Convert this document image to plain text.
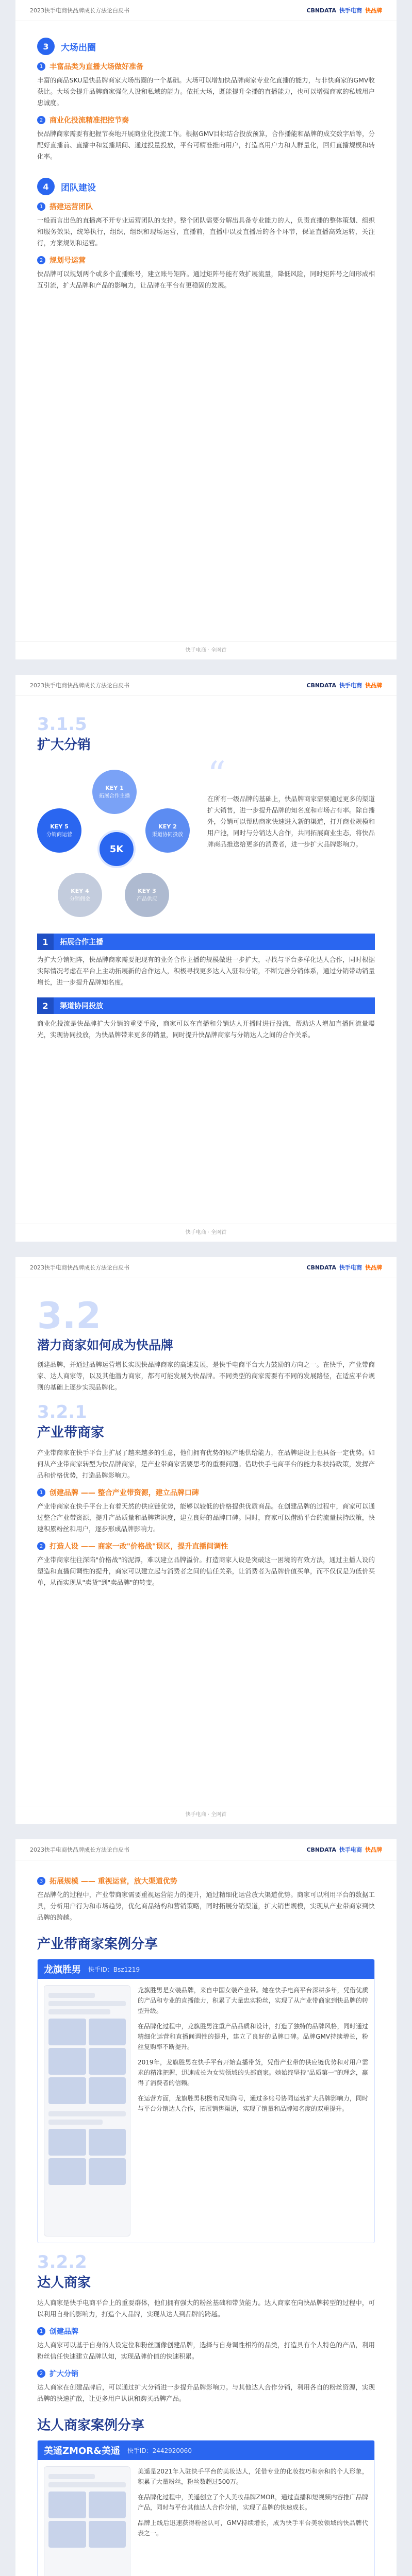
2023快手电商快品牌成长方法论白皮书	CBNDATA 快手电商 快品牌
3	大场出圈
1 丰富品类为直播大场做好准备

丰富的商品SKU是快品牌商家大场出圈的一个基础。大场可以增加快品牌商家专业化直播的能力，与非快商家的GMV收获比。大场会提升品牌商家强化人设和私域的能力。依托大场，既能提升全播的直播能力，也可以增强商家的私域用户忠诚度。

2 商业化投流精准把控节奏

快品牌商家需要有把握节奏地开展商业化投流工作。根据GMV目标结合投放预算，合作播能和品牌的成交数字后等，分配好直播前、直播中和复播期间、通过投量投放，平台可精准推向用户，打造高用户力和人群量化，回归直播规模和转化率。

4	团队建设
1 搭建运营团队

一般而言出色的直播离不开专业运营团队的支持。整个团队需要分解出具备专业能力的人，负责直播的整体策划、组织和服务效果，统筹执行，组织，组织和现场运营，直播前，直播中以及直播后的各个环节，保证直播高效运转，关注行，方案规划和运营。

2 规划号运营

快品牌可以规划两个或多个直播账号，建立账号矩阵。通过矩阵号能有效扩展流量，降低风险，同时矩阵号之间形成相互引流，扩大品牌和产品的影响力，让品牌在平台有更稳固的发展。

快手电商 · 全网首
2023快手电商快品牌成长方法论白皮书	CBNDATA 快手电商 快品牌
3.1.5
扩大分销
KEY 1
拓展合作主播
KEY 2
渠道协同投放
KEY 3
产品供应
KEY 4
分销佣金
KEY 5
分销商运营
5K
“

在所有一级品牌的基础上，快品牌商家需要通过更多的渠道扩大销售，进一步提升品牌的知名度和市场占有率。除自播外，分销可以帮助商家快速进入新的渠道，打开商业规模和用户池，同时与分销达人合作，共同拓展商业生态，将快品牌商品推送给更多的消费者，进一步扩大品牌影响力。

1	拓展合作主播

为扩大分销矩阵，快品牌商家需要把现有的业务合作主播的规模做进一步扩大，寻找与平台多样化达人合作，同时根据实际情况考虑在平台上主动拓展新的合作达人，积极寻找更多达人入驻和分销，不断完善分销体系，通过分销带动销量增长，进一步提升品牌知名度。

2	渠道协同投放

商业化投流是快品牌扩大分销的重要手段，商家可以在直播和分销达人开播时进行投流，帮助达人增加直播间流量曝光，实现协同投放，为快品牌带来更多的销量，同时提升快品牌商家与分销达人之间的合作关系。

快手电商 · 全网首
2023快手电商快品牌成长方法论白皮书	CBNDATA 快手电商 快品牌
3.2
潜力商家如何成为快品牌

创建品牌，并通过品牌运营增长实现快品牌商家的高速发展，是快手电商平台大力鼓励的方向之一。在快手，产业带商家、达人商家等，以及其他潜力商家，都有可能发展为快品牌。不同类型的商家需要有不同的发展路径，在适应平台规则的基础上逐步实现品牌化。

3.2.1
产业带商家

产业带商家在快手平台上扩展了越来越多的生意，他们拥有优势的原产地供给能力，在品牌建设上也具备一定优势。如何从产业带商家转型为快品牌商家，是产业带商家需要思考的重要问题。借助快手电商平台的能力和扶持政策，发挥产品和价格优势，打造品牌影响力。

1 创建品牌 —— 整合产业带资源，建立品牌口碑

产业带商家在快手平台上有着天然的供应链优势，能够以较低的价格提供优质商品。在创建品牌的过程中，商家可以通过整合产业带资源，提升产品质量和品牌辨识度，建立良好的品牌口碑。同时，商家可以借助平台的流量扶持政策，快速积累粉丝和用户，逐步形成品牌影响力。

2 打造人设 —— 商家一改"价格战"误区，提升直播间调性

产业带商家往往深陷"价格战"的泥潭，难以建立品牌溢价。打造商家人设是突破这一困境的有效方法，通过主播人设的塑造和直播间调性的提升，商家可以建立起与消费者之间的信任关系，让消费者为品牌价值买单，而不仅仅是为低价买单，从而实现从"卖货"到"卖品牌"的转变。

快手电商 · 全网首
2023快手电商快品牌成长方法论白皮书	CBNDATA 快手电商 快品牌
3 拓展规模 —— 重视运营，放大渠道优势

在品牌化的过程中，产业带商家需要重视运营能力的提升，通过精细化运营放大渠道优势。商家可以利用平台的数据工具，分析用户行为和市场趋势，优化商品结构和营销策略，同时拓展分销渠道，扩大销售规模，实现从产业带商家到快品牌的跨越。

产业带商家案例分享
龙旗胜男 快手ID：Bsz1219

龙旗胜男是女装品牌，来自中国女装产业带。她在快手电商平台深耕多年，凭借优质的产品和专业的直播能力，积累了大量忠实粉丝，实现了从产业带商家到快品牌的转型升级。

在品牌化过程中，龙旗胜男注重产品品质和设计，打造了独特的品牌风格，同时通过精细化运营和直播间调性的提升，建立了良好的品牌口碑。品牌GMV持续增长，粉丝复购率不断提升。

2019年，龙旗胜男在快手平台开始直播带货，凭借产业带的供应链优势和对用户需求的精准把握，迅速成长为女装领域的头部商家。她始终坚持"品质第一"的理念，赢得了消费者的信赖。

在运营方面，龙旗胜男积极布局矩阵号，通过多账号协同运营扩大品牌影响力，同时与平台分销达人合作，拓展销售渠道，实现了销量和品牌知名度的双重提升。

3.2.2
达人商家

达人商家是快手电商平台上的重要群体，他们拥有强大的粉丝基础和带货能力。达人商家在向快品牌转型的过程中，可以利用自身的影响力，打造个人品牌，实现从达人到品牌的跨越。

1 创建品牌

达人商家可以基于自身的人设定位和粉丝画像创建品牌，选择与自身调性相符的品类，打造具有个人特色的产品，利用粉丝信任快速建立品牌认知，实现品牌价值的快速积累。

2 扩大分销

达人商家在创建品牌后，可以通过扩大分销进一步提升品牌影响力。与其他达人合作分销，利用各自的粉丝资源，实现品牌的快速扩散，让更多用户认识和购买品牌产品。

达人商家案例分享
美遥ZMOR&美遥 快手ID：2442920060

美遥是2021年入驻快手平台的美妆达人，凭借专业的化妆技巧和亲和的个人形象，积累了大量粉丝，粉丝数超过500万。

在品牌化过程中，美遥创立了个人美妆品牌ZMOR，通过直播和短视频内容推广品牌产品，同时与平台其他达人合作分销，实现了品牌的快速成长。

品牌上线后迅速获得粉丝认可，GMV持续增长，成为快手平台美妆领域的快品牌代表之一。
